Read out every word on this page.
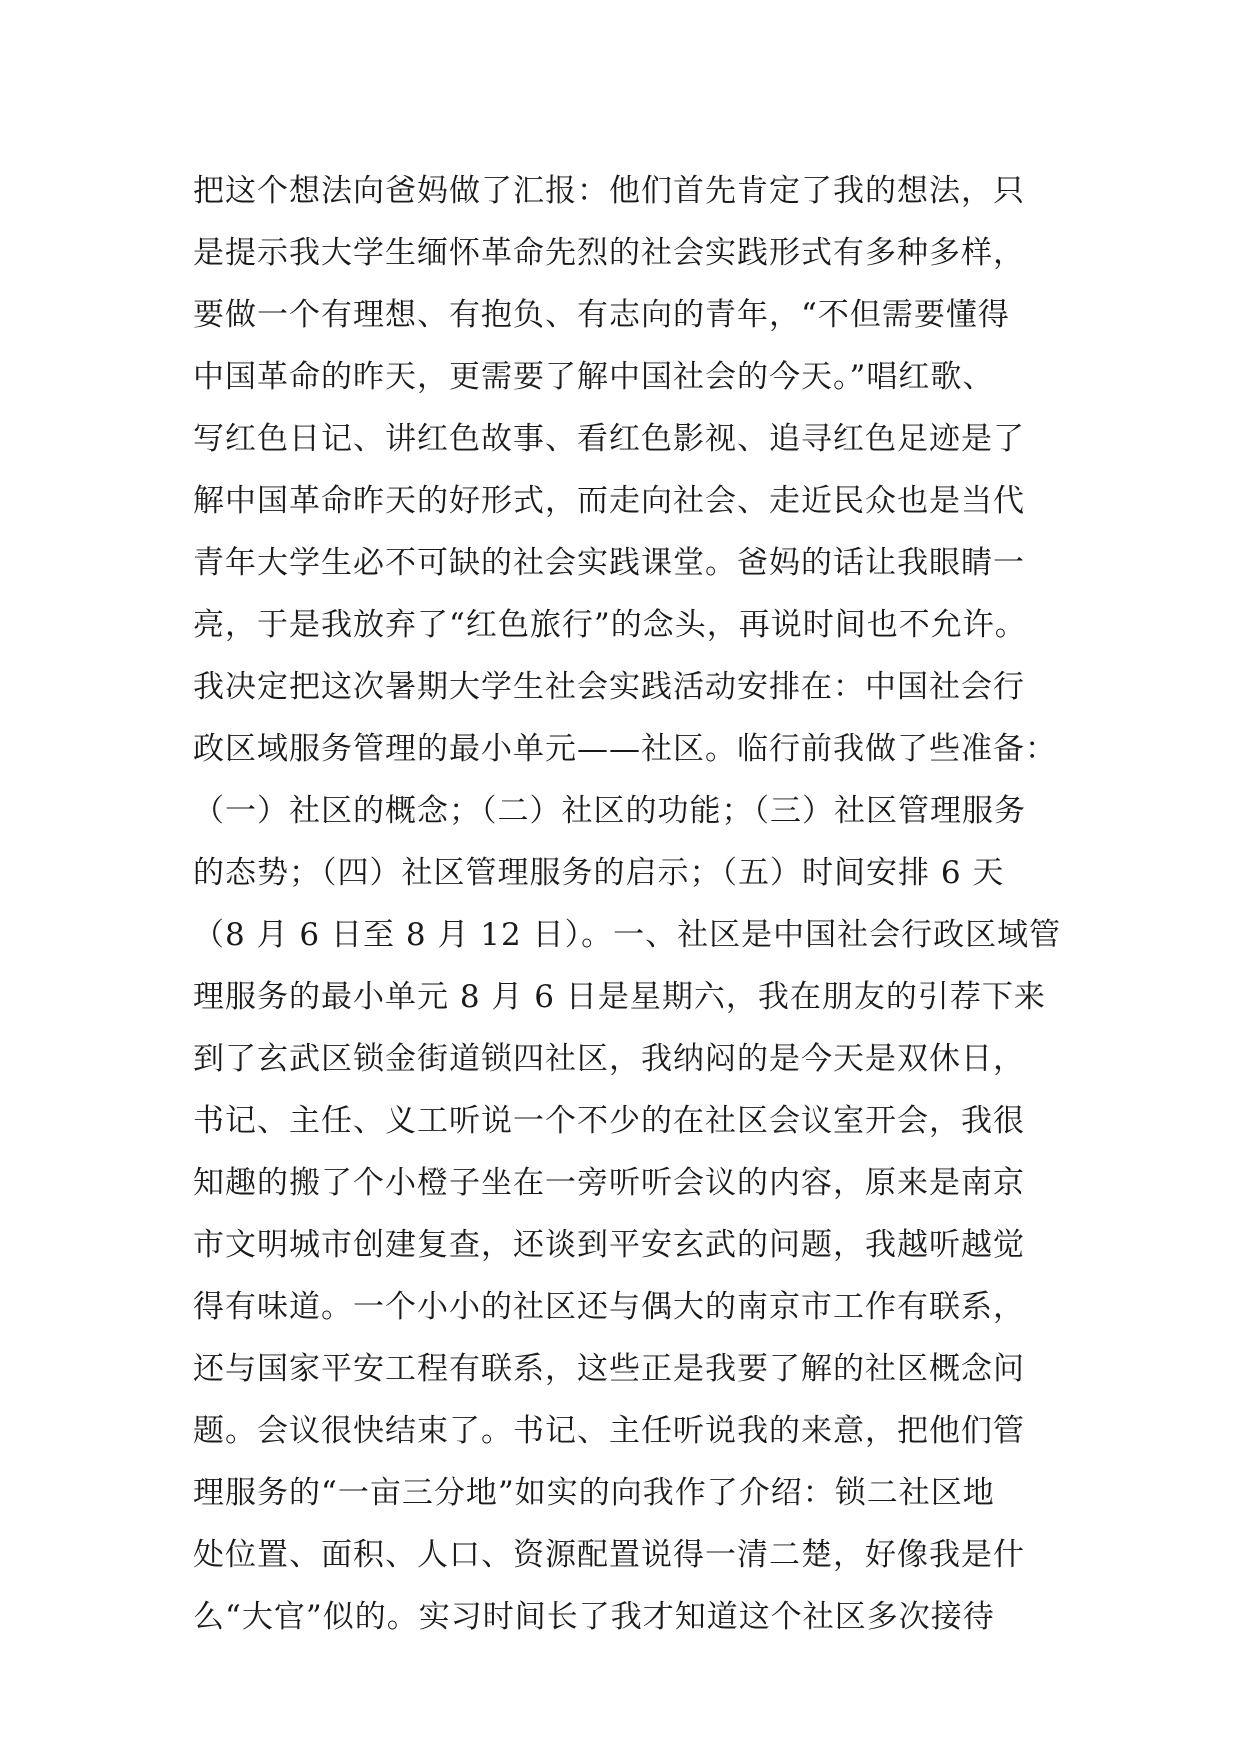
把这个想法向爸妈做了汇报：他们首先肯定了我的想法，只
是提示我大学生缅怀革命先烈的社会实践形式有多种多样，
要做一个有理想、有抱负、有志向的青年，“不但需要懂得
中国革命的昨天，更需要了解中国社会的今天。”唱红歌、
写红色日记、讲红色故事、看红色影视、追寻红色足迹是了
解中国革命昨天的好形式，而走向社会、走近民众也是当代
青年大学生必不可缺的社会实践课堂。爸妈的话让我眼睛一
亮，于是我放弃了“红色旅行”的念头，再说时间也不允许。
我决定把这次暑期大学生社会实践活动安排在：中国社会行
政区域服务管理的最小单元——社区。临行前我做了些准备：
（一）社区的概念；（二）社区的功能；（三）社区管理服务
的态势；（四）社区管理服务的启示；（五）时间安排 6 天
（8 月 6 日至 8 月 12 日）。一、社区是中国社会行政区域管
理服务的最小单元 8 月 6 日是星期六，我在朋友的引荐下来
到了玄武区锁金街道锁四社区，我纳闷的是今天是双休日，
书记、主任、义工听说一个不少的在社区会议室开会，我很
知趣的搬了个小橙子坐在一旁听听会议的内容，原来是南京
市文明城市创建复查，还谈到平安玄武的问题，我越听越觉
得有味道。一个小小的社区还与偶大的南京市工作有联系，
还与国家平安工程有联系，这些正是我要了解的社区概念问
题。会议很快结束了。书记、主任听说我的来意，把他们管
理服务的“一亩三分地”如实的向我作了介绍：锁二社区地
处位置、面积、人口、资源配置说得一清二楚，好像我是什
么“大官”似的。实习时间长了我才知道这个社区多次接待
